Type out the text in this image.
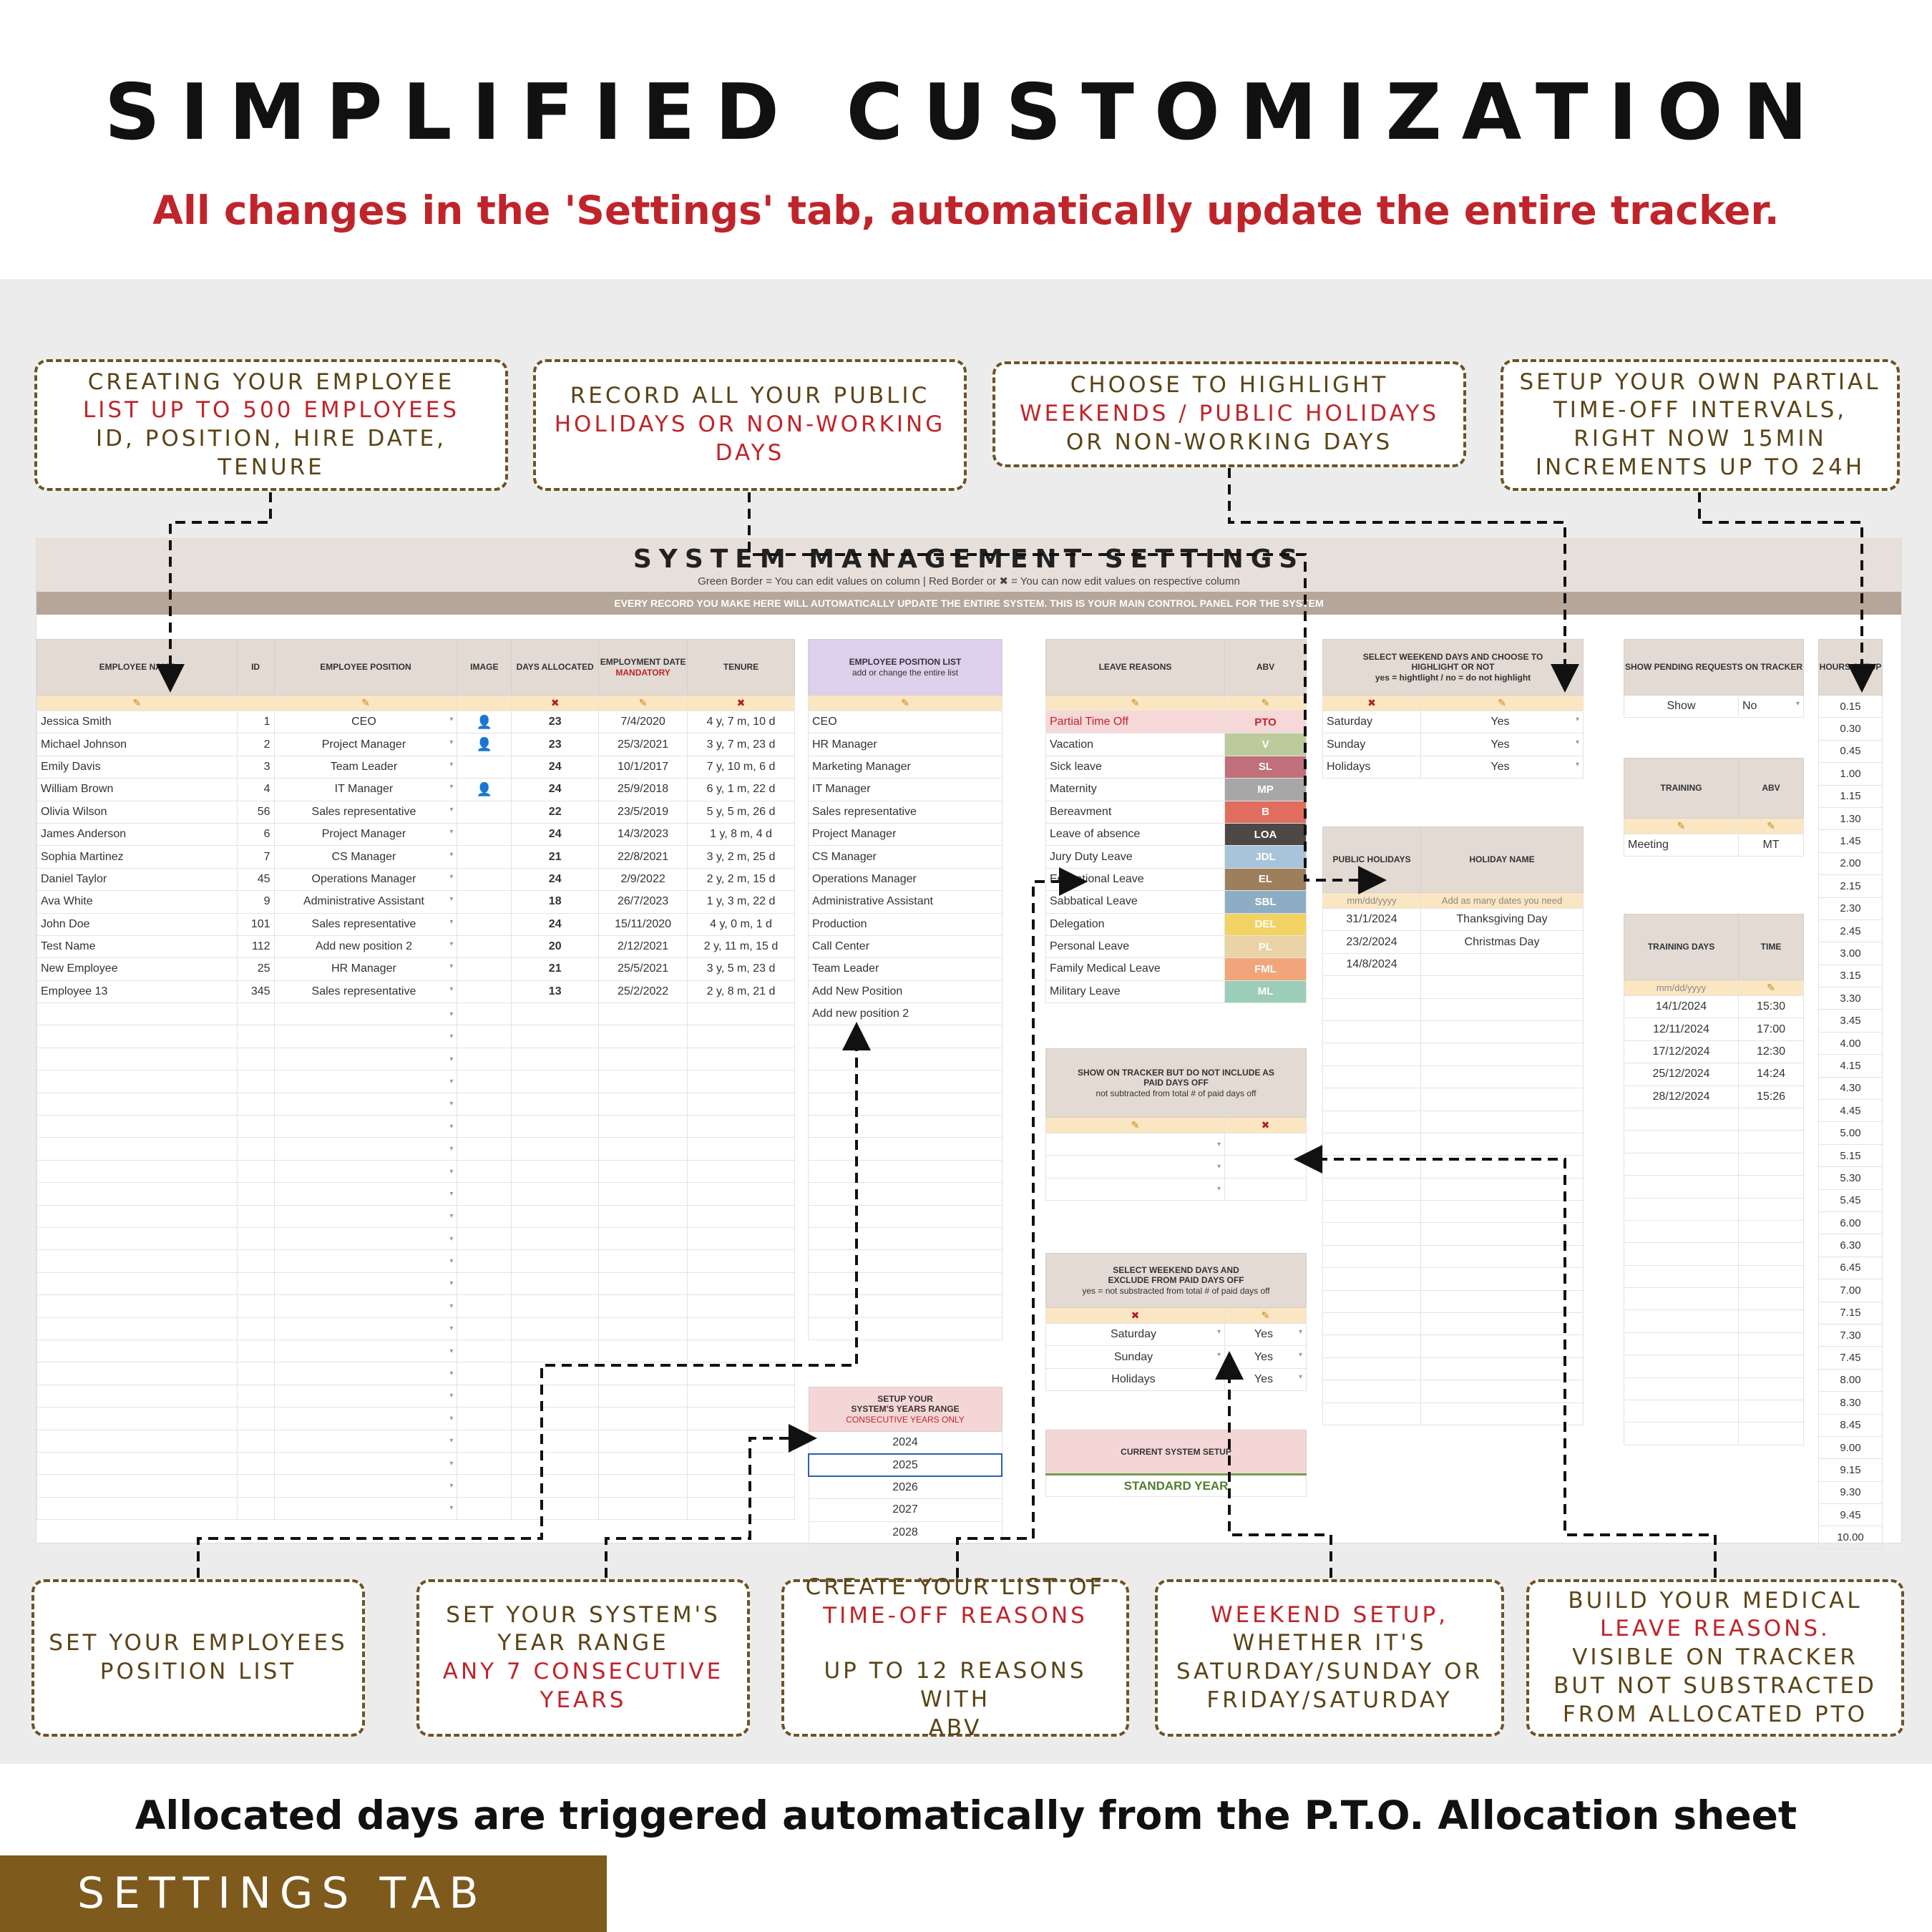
SIMPLIFIED CUSTOMIZATION
All changes in the 'Settings' tab, automatically update the entire tracker.
SYSTEM MANAGEMENT SETTINGS
Green Border = You can edit values on column | Red Border or ✖ = You can now edit values on respective column
EVERY RECORD YOU MAKE HERE WILL AUTOMATICALLY UPDATE THE ENTIRE SYSTEM. THIS IS YOUR MAIN CONTROL PANEL FOR THE SYSTEM
EMPLOYEE NAME	ID	EMPLOYEE POSITION	IMAGE	DAYS ALLOCATED	EMPLOYMENT DATE
MANDATORY	TENURE
✎		✎		✖	✎	✖
Jessica Smith	1	CEO ▾	👤	23	7/4/2020	4 y, 7 m, 10 d
Michael Johnson	2	Project Manager ▾	👤	23	25/3/2021	3 y, 7 m, 23 d
Emily Davis	3	Team Leader ▾		24	10/1/2017	7 y, 10 m, 6 d
William Brown	4	IT Manager ▾	👤	24	25/9/2018	6 y, 1 m, 22 d
Olivia Wilson	56	Sales representative ▾		22	23/5/2019	5 y, 5 m, 26 d
James Anderson	6	Project Manager ▾		24	14/3/2023	1 y, 8 m, 4 d
Sophia Martinez	7	CS Manager ▾		21	22/8/2021	3 y, 2 m, 25 d
Daniel Taylor	45	Operations Manager ▾		24	2/9/2022	2 y, 2 m, 15 d
Ava White	9	Administrative Assistant ▾		18	26/7/2023	1 y, 3 m, 22 d
John Doe	101	Sales representative ▾		24	15/11/2020	4 y, 0 m, 1 d
Test Name	112	Add new position 2 ▾		20	2/12/2021	2 y, 11 m, 15 d
New Employee	25	HR Manager ▾		21	25/5/2021	3 y, 5 m, 23 d
Employee 13	345	Sales representative ▾		13	25/2/2022	2 y, 8 m, 21 d

		▾				

		▾				

		▾				

		▾				

		▾				

		▾				

		▾				

		▾				

		▾				

		▾				

		▾				

		▾				

		▾				

		▾				

		▾				

		▾				

		▾				

		▾				

		▾				

		▾				

		▾				

		▾				

		▾				

EMPLOYEE POSITION LIST
add or change the entire list
✎
CEO
HR Manager
Marketing Manager
IT Manager
Sales representative
Project Manager
CS Manager
Operations Manager
Administrative Assistant
Production
Call Center
Team Leader
Add New Position
Add new position 2

SETUP YOUR
SYSTEM'S YEARS RANGE
CONSECUTIVE YEARS ONLY
2024
2025
2026
2027
2028
LEAVE REASONS	ABV
✎	✎
Partial Time Off	PTO
Vacation	V
Sick leave	SL
Maternity	MP
Bereavment	B
Leave of absence	LOA
Jury Duty Leave	JDL
Educational Leave	EL
Sabbatical Leave	SBL
Delegation	DEL
Personal Leave	PL
Family Medical Leave	FML
Military Leave	ML
SHOW ON TRACKER BUT DO NOT INCLUDE AS
PAID DAYS OFF
not subtracted from total # of paid days off	
✎	✖

▾	

▾	

▾	

SELECT WEEKEND DAYS AND
EXCLUDE FROM PAID DAYS OFF
yes = not substracted from total # of paid days off	
✖	✎
Saturday ▾	Yes ▾

Sunday ▾	Yes ▾

Holidays ▾	Yes ▾
CURRENT SYSTEM SETUP
STANDARD YEAR
SELECT WEEKEND DAYS AND CHOOSE TO
HIGHLIGHT OR NOT
yes = hightlight / no = do not highlight	
✖	✎
Saturday	Yes ▾

Sunday	Yes ▾

Holidays	Yes ▾
PUBLIC HOLIDAYS	HOLIDAY NAME
mm/dd/yyyy	Add as many dates you need
31/1/2024	Thanksgiving Day
23/2/2024	Christmas Day
14/8/2024	

SHOW PENDING REQUESTS ON TRACKER
Show	No	▾
TRAINING	ABV
✎	✎
Meeting	MT
TRAINING DAYS	TIME
mm/dd/yyyy	✎
14/1/2024	15:30
12/11/2024	17:00
17/12/2024	12:30
25/12/2024	14:24
28/12/2024	15:26

HOURS SETUP
0.15
0.30
0.45
1.00
1.15
1.30
1.45
2.00
2.15
2.30
2.45
3.00
3.15
3.30
3.45
4.00
4.15
4.30
4.45
5.00
5.15
5.30
5.45
6.00
6.30
6.45
7.00
7.15
7.30
7.45
8.00
8.30
8.45
9.00
9.15
9.30
9.45
10.00
CREATING YOUR EMPLOYEE
LIST UP TO 500 EMPLOYEES
ID, POSITION, HIRE DATE,
TENURE
RECORD ALL YOUR PUBLIC
HOLIDAYS OR NON-WORKING
DAYS
CHOOSE TO HIGHLIGHT
WEEKENDS / PUBLIC HOLIDAYS
OR NON-WORKING DAYS
SETUP YOUR OWN PARTIAL
TIME-OFF INTERVALS,
RIGHT NOW 15MIN
INCREMENTS UP TO 24H
SET YOUR EMPLOYEES
POSITION LIST
SET YOUR SYSTEM'S
YEAR RANGE
ANY 7 CONSECUTIVE
YEARS
CREATE YOUR LIST OF
TIME-OFF REASONS
UP TO 12 REASONS WITH
ABV
WEEKEND SETUP,
WHETHER IT'S
SATURDAY/SUNDAY OR
FRIDAY/SATURDAY
BUILD YOUR MEDICAL
LEAVE REASONS.
VISIBLE ON TRACKER
BUT NOT SUBSTRACTED
FROM ALLOCATED PTO
Allocated days are triggered automatically from the P.T.O. Allocation sheet
SETTINGS TAB
